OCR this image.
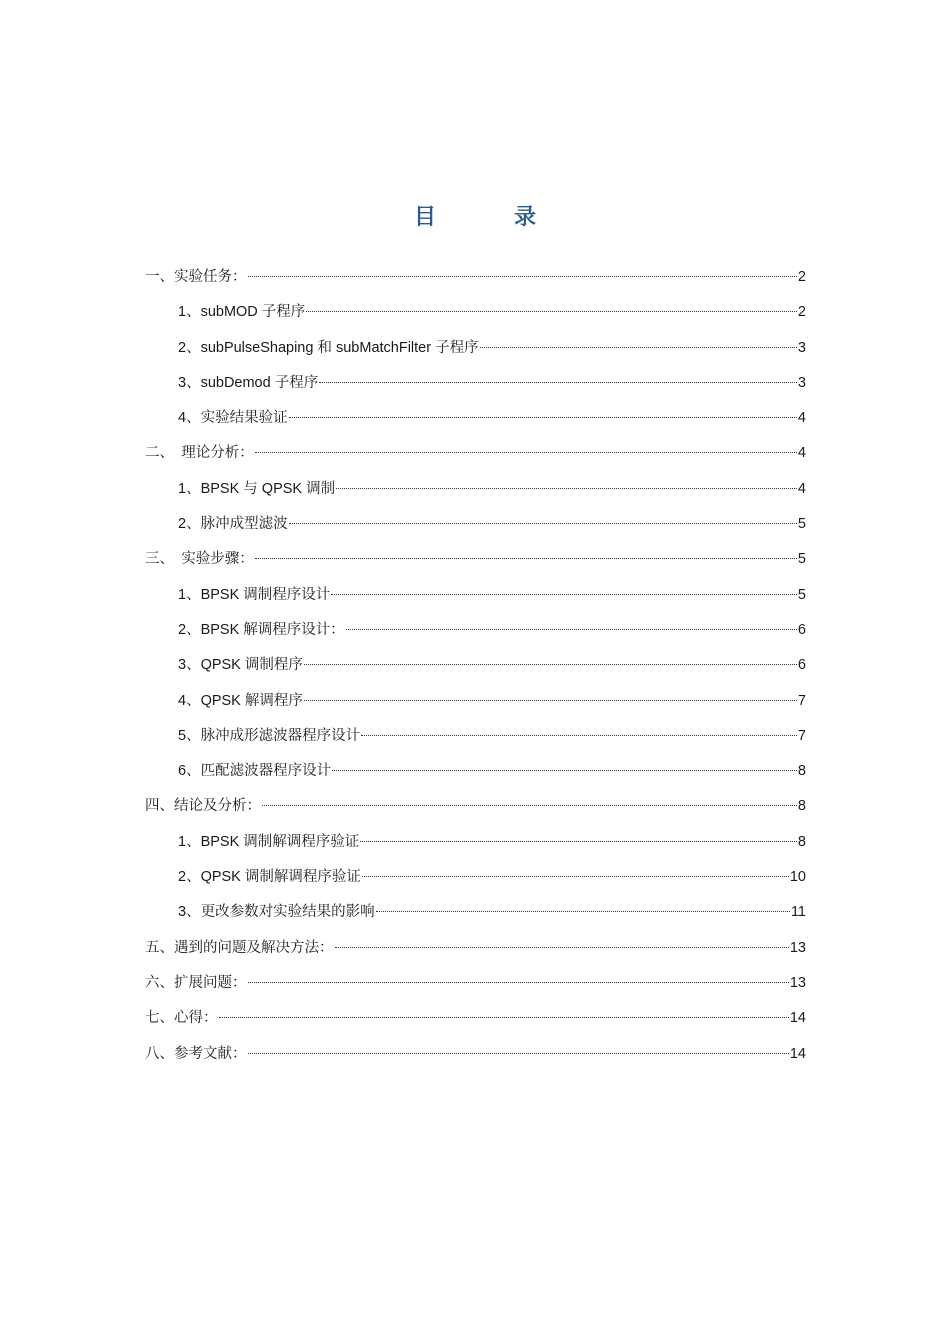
目　录
一、实验任务：	2
1、subMOD 子程序	2
2、subPulseShaping 和 subMatchFilter 子程序	3
3、subDemod 子程序	3
4、实验结果验证	4
二、　理论分析：	4
1、BPSK 与 QPSK 调制	4
2、脉冲成型滤波	5
三、　实验步骤：	5
1、BPSK 调制程序设计	5
2、BPSK 解调程序设计：	6
3、QPSK 调制程序	6
4、QPSK 解调程序	7
5、脉冲成形滤波器程序设计	7
6、匹配滤波器程序设计	8
四、结论及分析：	8
1、BPSK 调制解调程序验证	8
2、QPSK 调制解调程序验证	10
3、更改参数对实验结果的影响	11
五、遇到的问题及解决方法：	13
六、扩展问题：	13
七、心得：	14
八、参考文献：	14
